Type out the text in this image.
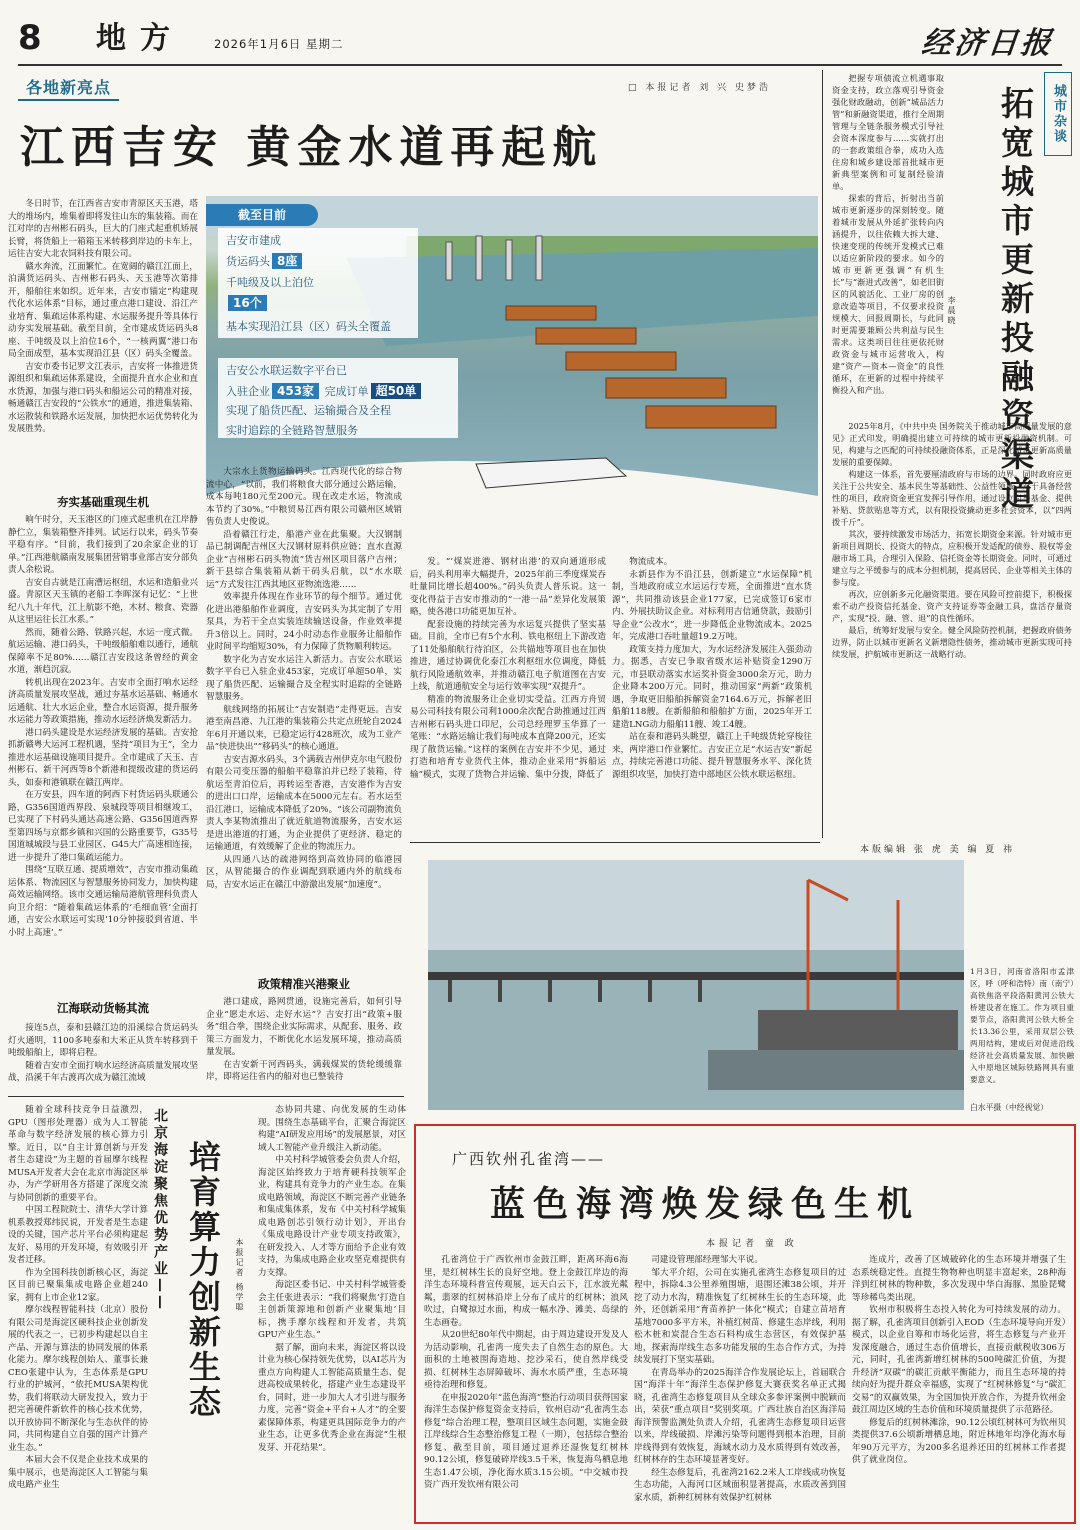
8 地方	2026年1月6日 星期二	经济日报
各地新亮点	□ 本报记者 刘 兴 史梦浩
江西吉安 黄金水道再起航

截至目前
吉安市建成
货运码头 8座
千吨级及以上泊位
16个
基本实现沿江县（区）码头全覆盖
吉安公水联运数字平台已
入驻企业 453家 完成订单 超50单
实现了船货匹配、运输撮合及全程
实时追踪的全链路智慧服务

冬日时节，在江西省吉安市青原区天玉港，塔大的堆场内，堆集着即将发往山东的集装箱。而在江对岸的吉州彬石码头，巨大的门座式起重机矫展长臂，将货船上一箱箱玉米转移到岸边的卡车上，运往吉安大北农饲料技有限公司。

赣水奔流，江面繁忙。在宽阔的赣江江面上，泊满货运码头、吉州彬石码头、天玉港等次第排开，船舶往来如织。近年来，吉安市锚定“构建现代化水运体系”目标，通过重点港口建设、沿江产业培育、集疏运体系构建、水运服务提升等具体行动夯实发展基础。截至目前，全市建成货运码头8座、千吨级及以上泊位16个，“一核两翼”港口布局全面成型，基本实现沿江县（区）码头全覆盖。

吉安市委书记罗文江表示，吉安将一体推进货源组织和集疏运体系建设，全面提升直水企业和直水货源，加强与港口码头和船运公司的精准对接，畅通赣江吉安段的“公铁水”的通道，推进集装箱、水运散装和铁路水运发展，加快把水运优势转化为发展胜势。

夯实基础重现生机

晌午时分，天玉港区的门座式起重机在江岸静静伫立，集装箱整齐排列。试运行以来，码头节奏平稳有序。“目前，我们接到了20余家企业的订单。”江西港航赣南发展集团营销事业部吉安分部负责人余松说。

吉安自古就是江南漕运枢纽，水运和造船业兴盛。青原区天玉镇的老船工李晖深有记忆：“上世纪八九十年代，江上航影不绝，木材、粮食、瓷器从这里运往长江水系。”

然而，随着公路、铁路兴起，水运一度式微。航运运输、港口码头，千吨级船舶难以通行，通航保障率不足80%……赣江吉安段这条曾经的黄金水道，渐趋沉寂。

转机出现在2023年。吉安市全面打响水运经济高质量发展攻坚战，通过夯基水运基础、畅通水运通航、壮大水运企业，整合水运资源，提升服务水运能力等政策措施，推动水运经济焕发新活力。

港口码头建设是水运经济发展的基础。吉安抢抓新赣粤大运河工程机遇，坚持“项目为王”，全力推进水运基础设施项目提升。全市建成了天玉、吉州彬石、新干河西等8个新港和提级改建的货运码头，如泰和港镇联在赣江两岸。

在万安县，四车道的阿西下村货运码头联通公路，G356国道西界段、泉城段等项目相继竣工，已实现了下村码头通达高速公路、G356国道西界至第四场与京都乡镇和兴国的公路重要节，G35号国道城城段与县工业园区、G45大广高速相连接，进一步提升了港口集疏运能力。

围绕“互联互通、提质增效”，吉安市推动集疏运体系、物流园区与智慧服务协同发力，加快构建高效运输网络。该市交通运输局港航管理科负责人向卫介绍：“随着集疏运体系的‘毛细血管’全面打通，吉安公水联运可实现‘10分钟接驳到省道、半小时上高速’。”

江海联动货畅其流

接连5点，泰和县赣江边的沿溪综合货运码头灯火通明，1100多吨泰和大米正从货车转移到千吨级船舶上，即将启程。

随着吉安市全面打响水运经济高质量发展攻坚战，沿溪千年古渡再次成为赣江流域

大宗水上货物运输码头。江西现代化的综合物流中心，“以前，我们将粮食大部分通过公路运输，成本每吨180元至200元。现在改走水运，物流成本节约了30%。”中粮贸易江西有限公司赣州区域销售负责人史俊说。

沿着赣江行走，船港产业在此集聚。大汉钢制品已制调配吉州区大汉钢材原料供应链；直水直源企业“吉州彬石码头物流”货吉州区项目落户吉州；新干县综合集装箱从新干码头启航，以“水水联运”方式发往江西其地区亚物流选港……

效率提升体现在作业环节的每个细节。通过优化进出港船舶作业调度，吉安码头为其定制了专用泵具，为若干全点实装连续输送设备，作业效率提升3倍以上。同时，24小时动态作业服务让船舶作业时间平均缩短30%，有力保障了货物顺利转运。

数字化为吉安水运注入新活力。吉安公水联运数字平台已入驻企业453家，完成订单超50单，实现了船货匹配、运输撮合及全程实时追踪的全链路智慧服务。

航线网络的拓展让“吉安制造”走得更远。吉安港至南昌港、九江港的集装箱公共定点班轮自2024年6月开通以来，已稳定运行428班次，成为工业产品“快进快出”“移码头”的核心通道。

吉安吉源水码头，3个满载吉州伊克尔电气股份有限公司变压器的船舶平稳靠泊并已经了装箱，待航运至青泊位后，再转运至香港，吉安港作为吉安的进出口口岸，运输成本在5000元左右。若水运至沿江港口，运输成本降低了20%。“该公司副物流负责人李某物流推出了就近航道物流服务，吉安水运是进出港道的打通，为企业提供了更经济、稳定的运输通道，有效缓解了企业的物流压力。

从四通八达的疏港网络到高效协同的临港园区，从智能撮合的作业调配到联通内外的航线布局，吉安水运正在赣江中游激出发展“加速度”。

政策精准兴港聚业

港口建成，路网贯通，设施完善后，如何引导企业“愿走水运、走好水运”？吉安打出“政策+服务”组合拳，围绕企业实际需求，从配套、服务、政策三方面发力，不断优化水运发展环境，推动高质量发展。

在吉安新干河西码头，满载煤炭的货轮缓缓靠岸，即将运往省内的船对也已整装待

发。“‘煤炭进港、钢材出港’的双向通道形成后，码头利用率大幅提升，2025年前三季度煤炭吞吐量同比增长超400%。”码头负责人普乐说。这一变化得益于吉安市推动的“一港一品”差异化发展策略，使各港口功能更加互补。

配套设施的持续完善为水运复兴提供了坚实基础。目前，全市已有5个水利、铁电枢纽上下游改造了11处船舶航行待泊区，公共锚地等项目也在加快推进，通过协调优化泰江水利枢纽水位调度，降低航行风险通航效率，并推动赣江电子航道图在吉安上线，航道通航安全与运行效率实现“双提升”。

精准的物流服务让企业切实受益。江西方舟贸易公司科技有限公司利1000余次配合助推通过江西吉州彬石码头进口印尼，公司总经理罗玉华算了一笔账：“水路运输让我们每吨成本直降200元，还实现了散货运输。”这样的案例在吉安并不少见，通过打造和培育专业货代主体，推动企业采用“拆船运输”模式，实现了货物合并运输、集中分拨，降低了

物流成本。

永新县作为不沿江县，创新建立“水运保障”机制，当地政府成立水运运行专班，全面推进“直水货源”，共同推动该县企业177家，已完成签订6家市内、外展扶助议企业。对标利用吉信通贷款，鼓励引导企业“公改水”，进一步降低企业物流成本。2025年，完成港口吞吐量超19.2万吨。

政策支持力度加大，为水运经济发展注入强劲动力。据悉，吉安已争取省级水运补贴资金1290万元，市县联动落实水运奖补资金3000余万元，助力企业降本200万元。同时，推动国家“两新”政策机遇，争取更旧船舶拆解资金7164.6万元，拆解老旧船舶118艘。在新船舶和船舶扩方面，2025年开工建造LNG动力船舶11艘、竣工4艘。

站在泰和港码头眺望，赣江上千吨级货轮穿梭往来，两岸港口作业繁忙。吉安正立足“水运吉安”新起点，持续完善港口功能、提升智慧服务水平、深化货源组织攻坚，加快打造中部地区公铁水联运枢纽。

城市杂谈
拓宽城市更新投融资渠道
李晨晓

把握专项债流立机遇事取资金支持，政立落观引导资金强化财政融动，创新“城品活力管”和新融资渠道，推行全周期管理与全链条服务模式引导社会资本深度参与……实就打出的一套政策组合拳，成功入选住房和城乡建设部首批城市更新典型案例和可复制经验清单。

探索的背后，折射出当前城市更新逐步的深刻转变。随着城市发展从外延扩张转向内涵提升，以往依赖大拆大建、快速变现的传统开发模式已难以适应新阶段的要求。如今的城市更新更强调“有机生长”与“渐进式改善”，如老旧街区的风貌活化、工业厂房的创意改造等项目，不仅要求投资规模大、回报周期长，与此同时更需要兼顾公共利益与民生需求。这类项目往往更依托财政资金与城市运营收入，构建“资产—资本—资金”的良性循环，在更新的过程中持续平衡投入和产出。

2025年8月，《中共中央 国务院关于推动城市高质量发展的意见》正式印发，明确提出建立可持续的城市更新投融资机制。可见，构建与之匹配的可持续投融资体系，正是深化城市更新高质量发展的重要保障。

构建这一体系，首先要厘清政府与市场的边界。同时政府应更关注于公共安全、基本民生等基础性、公益性领域，对于具备经营性的项目，政府资金更宜发挥引导作用，通过设立引导基金、提供补贴、贷款贴息等方式，以有限投资撬动更多社会资本，以“四两拨千斤”。

其次，要持续激发市场活力，拓宽长期资金来源。针对城市更新项目周期长、投资大的特点，应积极开发适配的债券、股权等金融市场工具，合理引入保险、信托资金等长期资金。同时，可通过建立与之平缓参与的成本分担机制，提高居民、企业等相关主体的参与度。

再次，应创新多元化融资渠道。要在风险可控前提下，积极探索不动产投资信托基金、资产支持证券等金融工具，盘活存量资产，实现“投、融、管、退”的良性循环。

最后，统筹好发展与安全。健全风险防控机制，把握政府债务边界，防止以城市更新名义新增隐性债务，推动城市更新实现可持续发展，护航城市更新这一战略行动。

本版编辑 张 虎 美 编 夏 祎
1月3日，河南省洛阳市孟津区，呼（呼和浩特）南（南宁）高铁焦洛平段洛阳黄河公铁大桥建设者在施工。作为项目重要节点，洛阳黄河公铁大桥全长13.36公里，采用双层公铁两用结构，建成后对促进沿线经济社会高质量发展、加快融入中原地区城际铁路网具有重要意义。
白水平摄（中经视觉）

随着全球科技竞争日益激烈，GPU（图形处理器）成为人工智能革命与数字经济发展的核心算力引擎。近日，以“自主计算创新与开发者生态建设”为主题的首届摩尔线程MUSA开发者大会在北京市海淀区举办，为产学研用各方搭建了深度交流与协同创新的重要平台。

中国工程院院士、清华大学计算机系教授郑纬民说，开发者是生态建设的关键，国产芯片平台必须构建起友好、易用的开发环境，有效吸引开发者迁移。

作为全国科技创新核心区，海淀区目前已聚集集成电路企业超240家，拥有上市企业12家。

摩尔线程智能科技（北京）股份有限公司是海淀区硬科技企业创新发展的代表之一，已初步构建起以自主产品、开源与算法的协同发展的体系化能力。摩尔线程创始人、董事长兼CEO张建中认为，生态体系是GPU行业的护城河，“依托MUSA架构优势，我们将联动大研发投入，致力于把完善硬件新软件的核心技术优势，以开放协同不断深化与生态伙伴的协同，共同构建自立自强的国产计算产业生态。”

本届大会不仅是企业技术成果的集中展示，也是海淀区人工智能与集成电路产业生

北京海淀聚焦优势产业—— 培育算力创新生态	本报记者 杨学聪

态协同共建、向优发展的生动体现。围绕生态基础平台，汇聚合海淀区构建“AI研发应用场”的发展愿景，对区域人工智能产业升级注入新动能。

中关村科学城管委会负责人介绍，海淀区始终致力于培育硬科技领军企业，构建具有竞争力的产业生态。在集成电路领域，海淀区不断完善产业链条和集成集体系，发布《中关村科学城集成电路创芯引领行动计划》，开出台《集成电路设计产业专项支持政策》，在研发投入、人才等方面给予企业有效支持，为集成电路企业攻坚克难提供有力支撑。

海淀区委书记、中关村科学城管委会主任张进表示：“我们将聚焦‘打造自主创新策源地和创新产业聚集地’目标，携手摩尔线程和开发者，共筑GPU产业生态。”

据了解，面向未来，海淀区将以设计业为核心保持领先优势，以AI芯片为重点方向构建人工智能高质量生态、促进高校成果转化，搭建产业生态建设平台，同时，进一步加大人才引进与服务力度，完善“资金+平台+人才”的全要素保障体系，构建更具国际竞争力的产业生态，让更多优秀企业在海淀“生根发芽、开花结果”。

广西钦州孔雀湾——
蓝色海湾焕发绿色生机
本报记者 童 政

孔雀湾位于广西钦州市金鼓江畔，距离环海6海里，是红树林生长的良好空地。登上金鼓江岸边的海洋生态环境科普宣传观展，远天白云下，江水波光粼粼，翡翠的红树林沿岸上分布了成片的红树林；浪风吹过，白鹭掠过水面，构成一幅水净、滩美、岛绿的生态画卷。

从20世纪80年代中期起，由于周边建设开发及人为活动影响，孔雀湾一度失去了自然生态的原色。大面积的土地被围海造地、挖沙采石，使自然岸线受损、红树林生态屏障破坏、海水水质严重，生态环境亟待治理和修复。

在申报2020年“蓝色海湾”整治行动项目获得国家海洋生态保护修复资金支持后，钦州启动“孔雀湾生态修复”综合治理工程，整项目区域生态问题，实施金鼓江岸线综合生态整治修复工程（一期），包括综合整治修复、截至目前，项目通过退养还湿恢复红树林90.12公顷，修复破碎岸线3.5千米，恢复海鸟栖息地生态1.47公顷，净化海水质3.15公顷。“中交城市投资广西开发钦州有限公司

司建设管理部经理邹大平说。

邹大平介绍，公司在实施孔雀湾生态修复项目的过程中，拆除4.3公里养殖围塘，退围还滩38公顷，并开挖了动力水沟，精准恢复了红树林生长的生态环境，此外，还创新采用“育苗养护一体化”模式；自建立苗培育基地7000多平方米，补植红树苗、修建生态岸线，利用松木桩和炭混合生态石料构成生态营区，有效保护基地，探索海岸线生态多功能发展的生态合作方式，为持续发展打下坚实基础。

在青岛举办的2025海洋合作发展论坛上，首届联合国“海洋十年”海洋生态保护修复大赛获奖名单正式揭晓，孔雀湾生态修复项目从全球众多参评案例中脱颖而出，荣获“重点项目”奖别奖项。广西壮族自治区海洋局海洋预警监测处负责人介绍，孔雀湾生态修复项目运营以来，岸线破损、岸滩污染等问题得到根本治理，目前岸线得到有效恢复，海域水动力及水质得到有效改善，红树林存的生态环境显著变好。

经生态修复后，孔雀湾2162.2米人工岸线成功恢复生态功能，入海河口区域面积显著提高，水质改善到国家水质，新种红树林有效保护红树林

连成片，改善了区域破碎化的生态环境并增强了生态系统稳定性。直提生物物种也明显丰富起来，28种海洋到红树林的物种数，多次发现中华白海豚、黑脸琵鹭等珍稀鸟类出现。

钦州市积极将生态投入转化为可持续发展的动力。据了解，孔雀湾项目创新引入EOD（生态环境导向开发）模式，以企业自筹和市场化运营，将生态修复与产业开发深度融合，通过生态价值增长，直接贡献税收306万元，同时，孔雀湾新增红树林的500吨碳汇价值，为提升经济“双碳”的碳汇贡献平衡能力，而且生态环境的持续向好为提升群众幸福感，实现了“红树林修复”与“碳汇交易”的双赢效果，为全国加快开放合作，为提升钦州金鼓江周边区域的生态价值和环境质量提供了示范路径。

修复后的红树林滩涂，90.12公顷红树林可为钦州贝类提供37.6公顷新增栖息地，附近林地年均净化海水每年90万元平方，为200多名退养还田的红树林工作者提供了就业岗位。
